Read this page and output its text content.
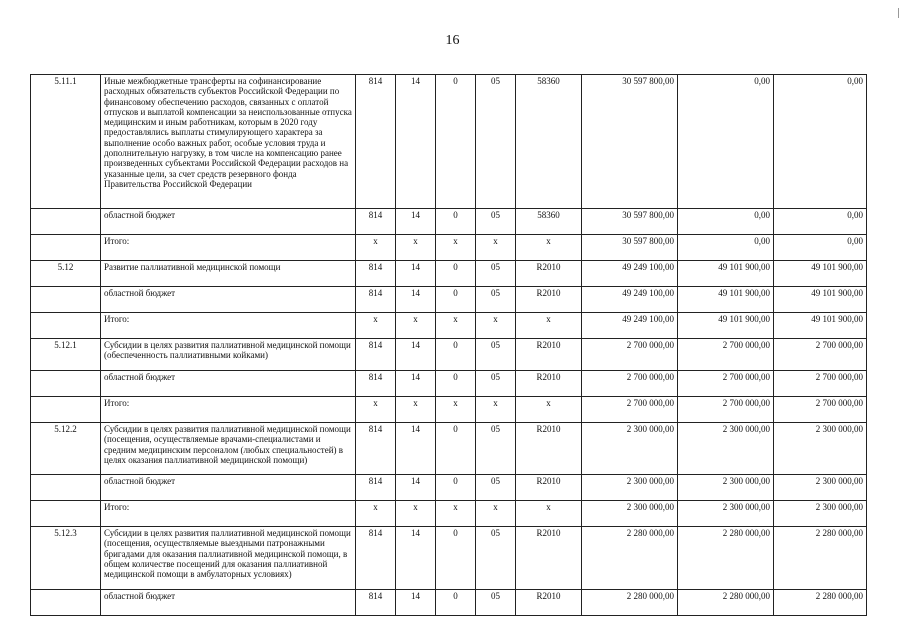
16
5.11.1	Иные межбюджетные трансферты на софинансирование расходных обязательств субъектов Российской Федерации по финансовому обеспечению расходов, связанных с оплатой отпусков и выплатой компенсации за неиспользованные отпуска медицинским и иным работникам, которым в 2020 году предоставлялись выплаты стимулирующего характера за выполнение особо важных работ, особые условия труда и дополнительную нагрузку, в том числе на компенсацию ранее произведенных субъектами Российской Федерации расходов на указанные цели, за счет средств резервного фонда Правительства Российской Федерации	814	14	0	05	58360	30 597 800,00	0,00	0,00
	областной бюджет	814	14	0	05	58360	30 597 800,00	0,00	0,00
	Итого:	х	х	х	х	х	30 597 800,00	0,00	0,00
5.12	Развитие паллиативной медицинской помощи	814	14	0	05	R2010	49 249 100,00	49 101 900,00	49 101 900,00
	областной бюджет	814	14	0	05	R2010	49 249 100,00	49 101 900,00	49 101 900,00
	Итого:	х	х	х	х	х	49 249 100,00	49 101 900,00	49 101 900,00
5.12.1	Субсидии в целях развития паллиативной медицинской помощи (обеспеченность паллиативными койками)	814	14	0	05	R2010	2 700 000,00	2 700 000,00	2 700 000,00
	областной бюджет	814	14	0	05	R2010	2 700 000,00	2 700 000,00	2 700 000,00
	Итого:	х	х	х	х	х	2 700 000,00	2 700 000,00	2 700 000,00
5.12.2	Субсидии в целях развития паллиативной медицинской помощи (посещения, осуществляемые врачами-специалистами и средним медицинским персоналом (любых специальностей) в целях оказания паллиативной медицинской помощи)	814	14	0	05	R2010	2 300 000,00	2 300 000,00	2 300 000,00
	областной бюджет	814	14	0	05	R2010	2 300 000,00	2 300 000,00	2 300 000,00
	Итого:	х	х	х	х	х	2 300 000,00	2 300 000,00	2 300 000,00
5.12.3	Субсидии в целях развития паллиативной медицинской помощи (посещения, осуществляемые выездными патронажными бригадами для оказания паллиативной медицинской помощи, в общем количестве посещений для оказания паллиативной медицинской помощи в амбулаторных условиях)	814	14	0	05	R2010	2 280 000,00	2 280 000,00	2 280 000,00
	областной бюджет	814	14	0	05	R2010	2 280 000,00	2 280 000,00	2 280 000,00
